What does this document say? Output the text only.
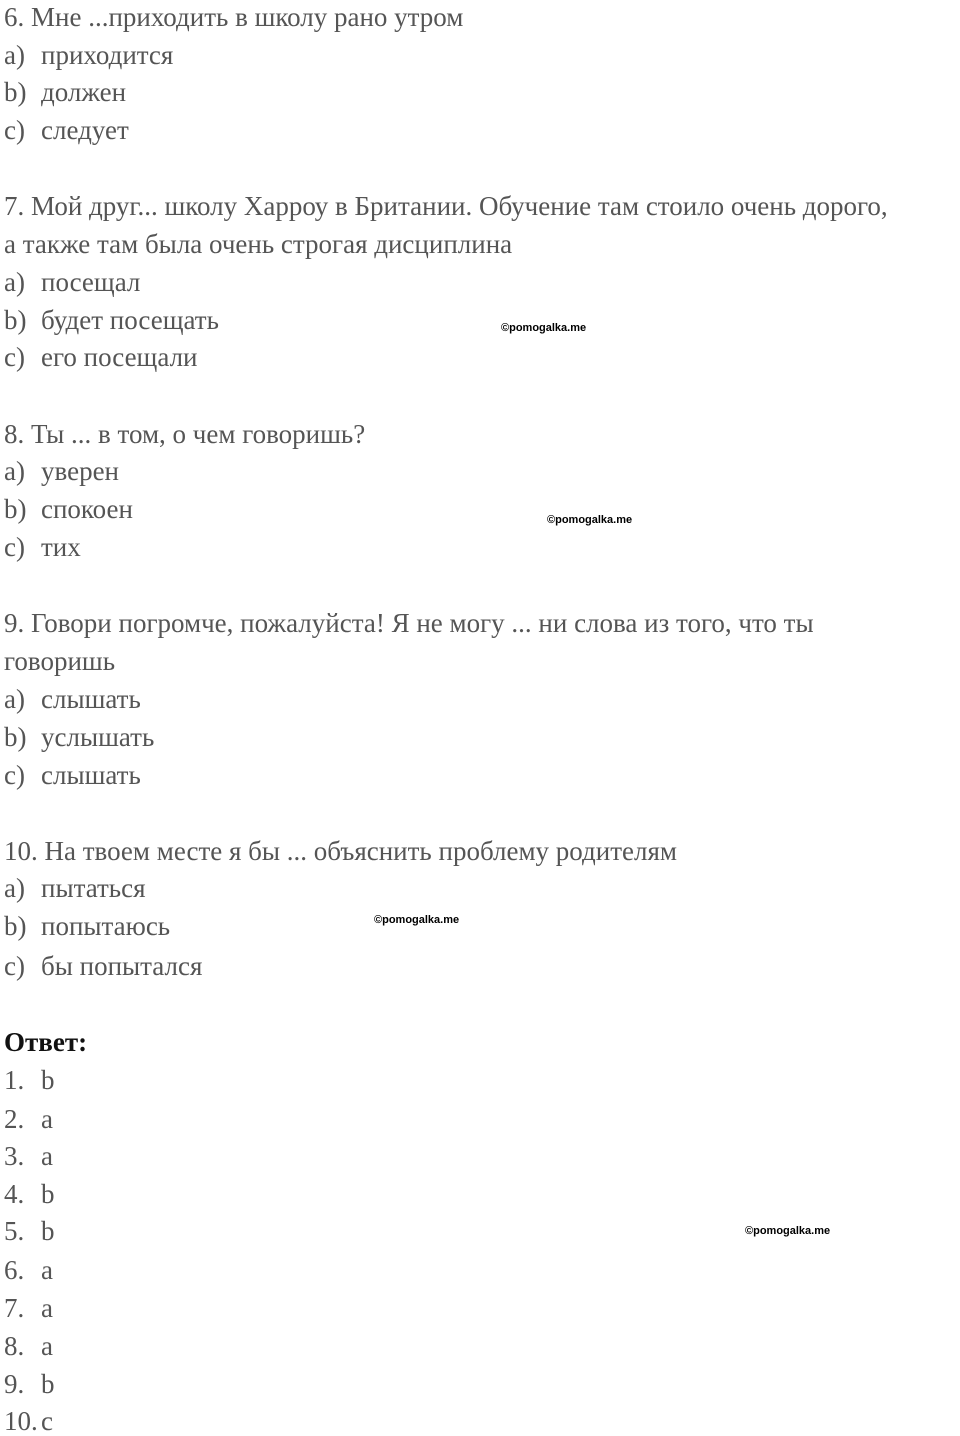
6. Мне ...приходить в школу рано утром
a) приходится
b) должен
c) следует
7. Мой друг... школу Харроу в Британии. Обучение там стоило очень дорого,
а также там была очень строгая дисциплина
a) посещал
b) будет посещать
c) его посещали
8. Ты ... в том, о чем говоришь?
a) уверен
b) спокоен
c) тих
9. Говори погромче, пожалуйста! Я не могу ... ни слова из того, что ты
говоришь
a) слышать
b) услышать
c) слышать
10. На твоем месте я бы ... объяснить проблему родителям
a) пытаться
b) попытаюсь
c) бы попытался
Ответ:
1. b
2. a
3. a
4. b
5. b
6. a
7. a
8. a
9. b
10. c
©pomogalka.me
©pomogalka.me
©pomogalka.me
©pomogalka.me
